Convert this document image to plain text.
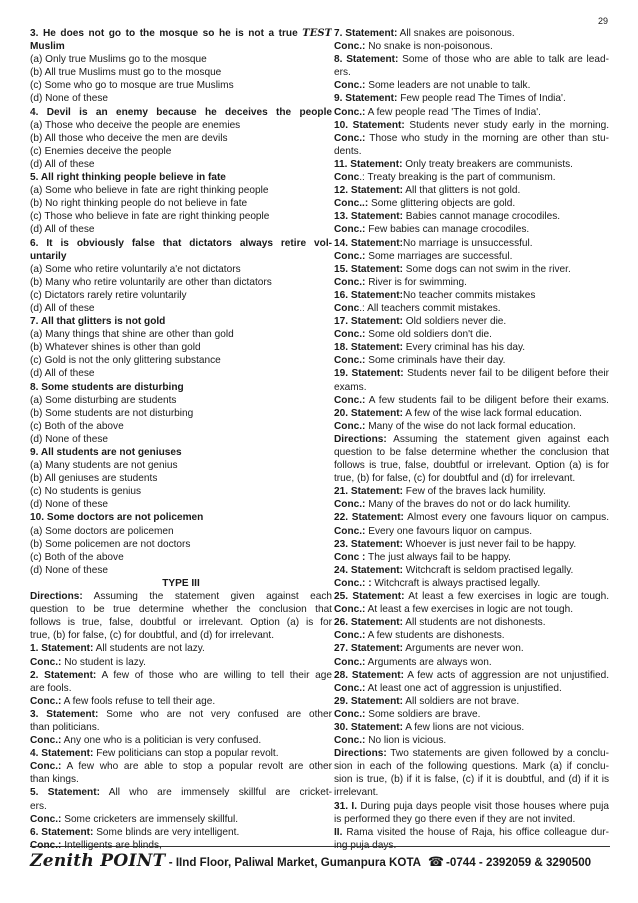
29
3. He does not go to the mosque so he is not a true TEST
Muslim
(a) Only true Muslims go to the mosque
(b) All true Muslims must go to the mosque
(c) Some who go to mosque are true Muslims
(d) None of these
4. Devil is an enemy because he deceives the people
(a) Those who deceive the people are enemies
(b) All those who deceive the men are devils
(c) Enemies deceive the people
(d) All of these
5. All right thinking people believe in fate
(a) Some who believe in fate are right thinking people
(b) No right thinking people do not believe in fate
(c) Those who believe in fate are right thinking people
(d) All of these
6. It is obviously false that dictators always retire vol-
untarily
(a) Some who retire voluntarily a'e not dictators
(b) Many who retire voluntarily are other than dictators
(c) Dictators rarely retire voluntarily
(d) All of these
7. All that glitters is not gold
(a) Many things that shine are other than gold
(b) Whatever shines is other than gold
(c) Gold is not the only glittering substance
(d) All of these
8. Some students are disturbing
(a) Some disturbing are students
(b) Some students are not disturbing
(c) Both of the above
(d) None of these
9. All students are not geniuses
(a) Many students are not genius
(b) All geniuses are students
(c) No students is genius
(d) None of these
10. Some doctors are not policemen
(a) Some doctors are policemen
(b) Some policemen are not doctors
(c) Both of the above
(d) None of these
TYPE III
Directions: Assuming the statement given against each
question to be true determine whether the conclusion that
follows is true, false, doubtful or irrelevant. Option (a) is for
true, (b) for false, (c) for doubtful, and (d) for irrelevant.
1. Statement: All students are not lazy.
Conc.: No student is lazy.
2. Statement: A few of those who are willing to tell their age
are fools.
Conc.: A few fools refuse to tell their age.
3. Statement: Some who are not very confused are other
than politicians.
Conc.: Any one who is a politician is very confused.
4. Statement: Few politicians can stop a popular revolt.
Conc.: A few who are able to stop a popular revolt are other
than kings.
5. Statement: All who are immensely skillful are cricket-
ers.
Conc.: Some cricketers are immensely skillful.
6. Statement: Some blinds are very intelligent.
Conc.: Intelligents are blinds,
7. Statement: All snakes are poisonous.
Conc.: No snake is non-poisonous.
8. Statement: Some of those who are able to talk are lead-
ers.
Conc.: Some leaders are not unable to talk.
9. Statement: Few people read The Times of India'.
Conc.: A few people read 'The Times of India'.
10. Statement: Students never study early in the morning.
Conc.: Those who study in the morning are other than stu-
dents.
11. Statement: Only treaty breakers are communists.
Conc.: Treaty breaking is the part of communism.
12. Statement: All that glitters is not gold.
Conc..: Some glittering objects are gold.
13. Statement: Babies cannot manage crocodiles.
Conc.: Few babies can manage crocodiles.
14. Statement:No marriage is unsuccessful.
Conc.: Some marriages are successful.
15. Statement: Some dogs can not swim in the river.
Conc.: River is for swimming.
16. Statement:No teacher commits mistakes
Conc.: All teachers commit mistakes.
17. Statement: Old soldiers never die.
Conc.: Some old soldiers don't die.
18. Statement: Every criminal has his day.
Conc.: Some criminals have their day.
19. Statement: Students never fail to be diligent before their
exams.
Conc.: A few students fail to be diligent before their exams.
20. Statement: A few of the wise lack formal education.
Conc.: Many of the wise do not lack formal education.
Directions: Assuming the statement given against each
question to be false determine whether the conclusion that
follows is true, false, doubtful or irrelevant. Option (a) is for
true, (b) for false, (c) for doubtful and (d) for irrelevant.
21. Statement: Few of the braves lack humility.
Conc.: Many of the braves do not or do lack humility.
22. Statement: Almost every one favours liquor on campus.
Conc.: Every one favours liquor on campus.
23. Statement: Whoever is just never fail to be happy.
Conc : The just always fail to be happy.
24. Statement: Witchcraft is seldom practised legally.
Conc.: : Witchcraft is always practised legally.
25. Statement: At least a few exercises in logic are tough.
Conc.: At least a few exercises in logic are not tough.
26. Statement: All students are not dishonests.
Conc.: A few students are dishonests.
27. Statement: Arguments are never won.
Conc.: Arguments are always won.
28. Statement: A few acts of aggression are not unjustified.
Conc.: At least one act of aggression is unjustified.
29. Statement: All soldiers are not brave.
Conc.: Some soldiers are brave.
30. Statement: A few lions are not vicious.
Conc.: No lion is vicious.
Directions: Two statements are given followed by a conclu-
sion in each of the following questions. Mark (a) if conclu-
sion is true, (b) if it is false, (c) if it is doubtful, and (d) if it is
irrelevant.
31. I. During puja days people visit those houses where puja
is performed they go there even if they are not invited.
II. Rama visited the house of Raja, his office colleague dur-
ing puja days.
Zenith POINT - IInd Floor, Paliwal Market, Gumanpura KOTA ☎ -0744 - 2392059 & 3290500
